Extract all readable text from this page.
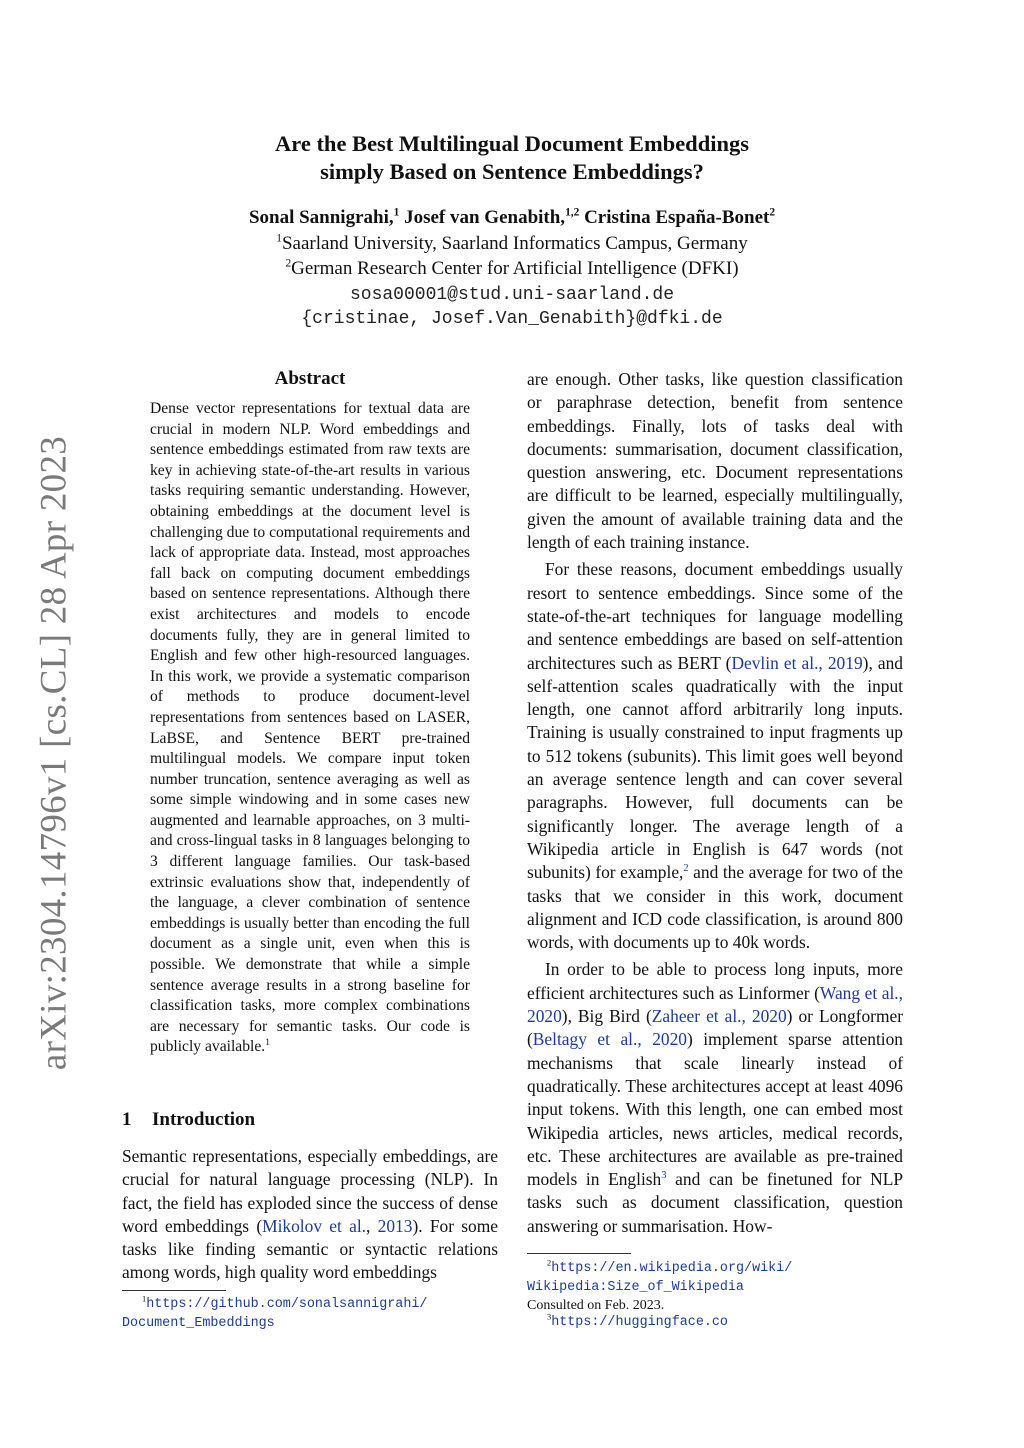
arXiv:2304.14796v1 [cs.CL] 28 Apr 2023
Are the Best Multilingual Document Embeddings
simply Based on Sentence Embeddings?
Sonal Sannigrahi,$^1$ Josef van Genabith,$^{1,2}$ Cristina España-Bonet$^2$
$^1$Saarland University, Saarland Informatics Campus, Germany
$^2$German Research Center for Artificial Intelligence (DFKI)
sosa00001@stud.uni-saarland.de
{cristinae, Josef.Van_Genabith}@dfki.de
Abstract
Dense vector representations for textual data are crucial in modern NLP. Word embeddings and sentence embeddings estimated from raw texts are key in achieving state-of-the-art results in various tasks requiring semantic understanding. However, obtaining embeddings at the document level is challenging due to computational requirements and lack of appropriate data. Instead, most approaches fall back on computing document embeddings based on sentence representations. Although there exist architectures and models to encode documents fully, they are in general limited to English and few other high-resourced languages. In this work, we provide a systematic comparison of methods to produce document-level representations from sentences based on LASER, LaBSE, and Sentence BERT pre-trained multilingual models. We compare input token number truncation, sentence averaging as well as some simple windowing and in some cases new augmented and learnable approaches, on 3 multi- and cross-lingual tasks in 8 languages belonging to 3 different language families. Our task-based extrinsic evaluations show that, independently of the language, a clever combination of sentence embeddings is usually better than encoding the full document as a single unit, even when this is possible. We demonstrate that while a simple sentence average results in a strong baseline for classification tasks, more complex combinations are necessary for semantic tasks. Our code is publicly available.$^1$
1 Introduction

Semantic representations, especially embeddings, are crucial for natural language processing (NLP). In fact, the field has exploded since the success of dense word embeddings (Mikolov et al., 2013). For some tasks like finding semantic or syntactic relations among words, high quality word embeddings

are enough. Other tasks, like question classification or paraphrase detection, benefit from sentence embeddings. Finally, lots of tasks deal with documents: summarisation, document classification, question answering, etc. Document representations are difficult to be learned, especially multilingually, given the amount of available training data and the length of each training instance.

For these reasons, document embeddings usually resort to sentence embeddings. Since some of the state-of-the-art techniques for language modelling and sentence embeddings are based on self-attention architectures such as BERT (Devlin et al., 2019), and self-attention scales quadratically with the input length, one cannot afford arbitrarily long inputs. Training is usually constrained to input fragments up to 512 tokens (subunits). This limit goes well beyond an average sentence length and can cover several paragraphs. However, full documents can be significantly longer. The average length of a Wikipedia article in English is 647 words (not subunits) for example,$^2$ and the average for two of the tasks that we consider in this work, document alignment and ICD code classification, is around 800 words, with documents up to 40k words.

In order to be able to process long inputs, more efficient architectures such as Linformer (Wang et al., 2020), Big Bird (Zaheer et al., 2020) or Longformer (Beltagy et al., 2020) implement sparse attention mechanisms that scale linearly instead of quadratically. These architectures accept at least 4096 input tokens. With this length, one can embed most Wikipedia articles, news articles, medical records, etc. These architectures are available as pre-trained models in English$^3$ and can be finetuned for NLP tasks such as document classification, question answering or summarisation. How-

$^1$https://github.com/sonalsannigrahi/
Document_Embeddings
$^2$https://en.wikipedia.org/wiki/
Wikipedia:Size_of_Wikipedia
Consulted on Feb. 2023.
$^3$https://huggingface.co
